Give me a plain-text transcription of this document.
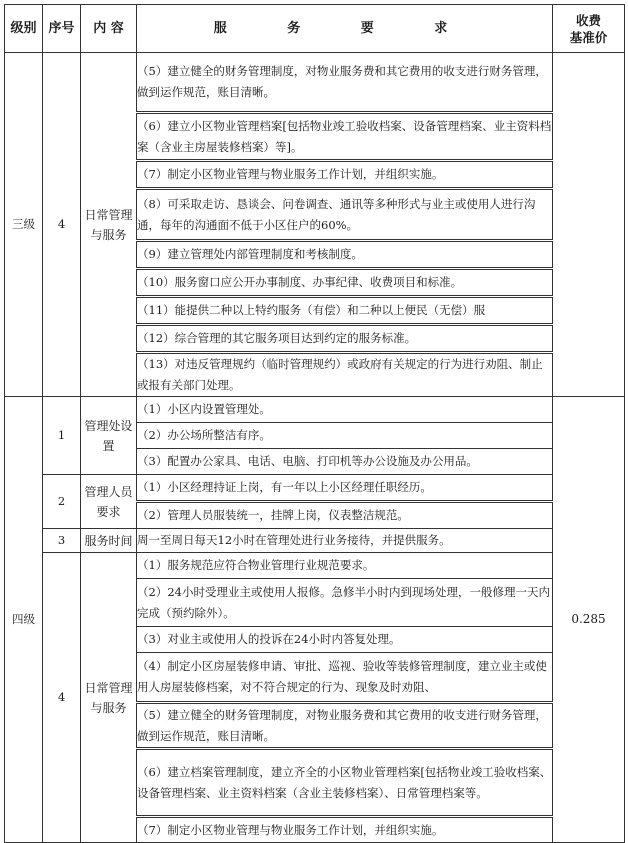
级别	序号	内 容	服 务 要 求	收费
基准价
三级	4	日常管理
与服务	（5）建立健全的财务管理制度，对物业服务费和其它费用的收支进行财务管理，做到运作规范，账目清晰。	
			（6）建立小区物业管理档案[包括物业竣工验收档案、设备管理档案、业主资料档案（含业主房屋装修档案）等]。	
			（7）制定小区物业管理与物业服务工作计划，并组织实施。	
			（8）可采取走访、恳谈会、问卷调查、通讯等多种形式与业主或使用人进行沟通，每年的沟通面不低于小区住户的60%。	
			（9）建立管理处内部管理制度和考核制度。	
			（10）服务窗口应公开办事制度、办事纪律、收费项目和标准。	
			（11）能提供二种以上特约服务（有偿）和二种以上便民（无偿）服	
			（12）综合管理的其它服务项目达到约定的服务标准。	
			（13）对违反管理规约（临时管理规约）或政府有关规定的行为进行劝阻、制止或报有关部门处理。	
四级	1	管理处设
置	（1）小区内设置管理处。	0.285
			（2）办公场所整洁有序。	
			（3）配置办公家具、电话、电脑、打印机等办公设施及办公用品。	
	2	管理人员
要求	（1）小区经理持证上岗，有一年以上小区经理任职经历。	
			（2）管理人员服装统一，挂牌上岗，仪表整洁规范。	
	3	服务时间	周一至周日每天12小时在管理处进行业务接待，并提供服务。	
	4	日常管理
与服务	（1）服务规范应符合物业管理行业规范要求。	
			（2）24小时受理业主或使用人报修。急修半小时内到现场处理，一般修理一天内完成（预约除外）。	
			（3）对业主或使用人的投诉在24小时内答复处理。	
			（4）制定小区房屋装修申请、审批、巡视、验收等装修管理制度，建立业主或使用人房屋装修档案，对不符合规定的行为、现象及时劝阻、	
			（5）建立健全的财务管理制度，对物业服务费和其它费用的收支进行财务管理，做到运作规范，账目清晰。	
			（6）建立档案管理制度，建立齐全的小区物业管理档案[包括物业竣工验收档案、设备管理档案、业主资料档案（含业主装修档案）、日常管理档案等。	
			（7）制定小区物业管理与物业服务工作计划，并组织实施。	
